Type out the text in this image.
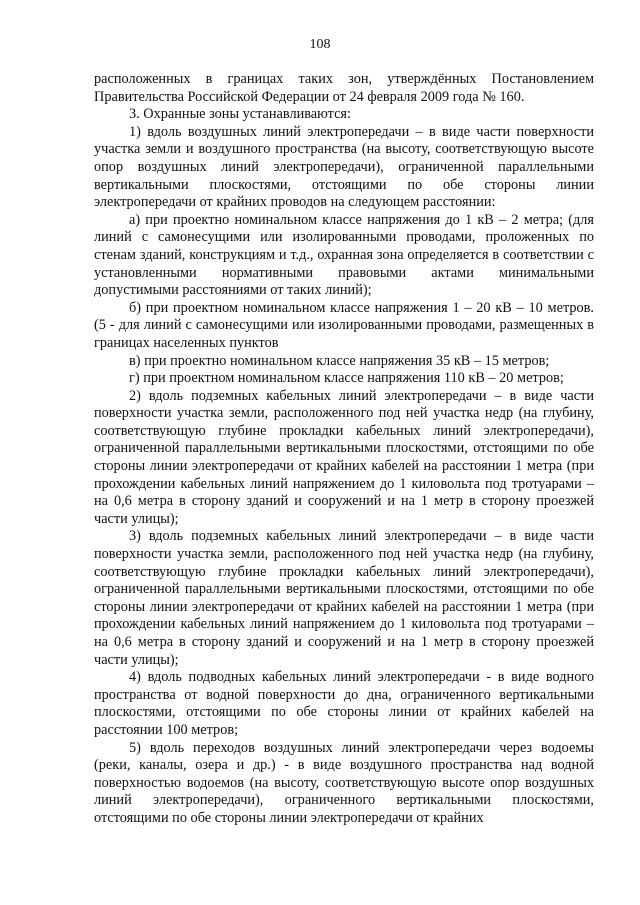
108

расположенных в границах таких зон, утверждённых Постановлением Правительства Российской Федерации от 24 февраля 2009 года № 160.

3. Охранные зоны устанавливаются:

1) вдоль воздушных линий электропередачи – в виде части поверхности участка земли и воздушного пространства (на высоту, соответствующую высоте опор воздушных линий электропередачи), ограниченной параллельными вертикальными плоскостями, отстоящими по обе стороны линии электропередачи от крайних проводов на следующем расстоянии:

а) при проектно номинальном классе напряжения до 1 кВ – 2 метра; (для линий с самонесущими или изолированными проводами, проложенных по стенам зданий, конструкциям и т.д., охранная зона определяется в соответствии с установленными нормативными правовыми актами минимальными допустимыми расстояниями от таких линий);

б) при проектном номинальном классе напряжения 1 – 20 кВ – 10 метров. (5 - для линий с самонесущими или изолированными проводами, размещенных в границах населенных пунктов

в) при проектно номинальном классе напряжения 35 кВ – 15 метров;

г) при проектном номинальном классе напряжения 110 кВ – 20 метров;

2) вдоль подземных кабельных линий электропередачи – в виде части поверхности участка земли, расположенного под ней участка недр (на глубину, соответствующую глубине прокладки кабельных линий электропередачи), ограниченной параллельными вертикальными плоскостями, отстоящими по обе стороны линии электропередачи от крайних кабелей на расстоянии 1 метра (при прохождении кабельных линий напряжением до 1 киловольта под тротуарами – на 0,6 метра в сторону зданий и сооружений и на 1 метр в сторону проезжей части улицы);

3) вдоль подземных кабельных линий электропередачи – в виде части поверхности участка земли, расположенного под ней участка недр (на глубину, соответствующую глубине прокладки кабельных линий электропередачи), ограниченной параллельными вертикальными плоскостями, отстоящими по обе стороны линии электропередачи от крайних кабелей на расстоянии 1 метра (при прохождении кабельных линий напряжением до 1 киловольта под тротуарами – на 0,6 метра в сторону зданий и сооружений и на 1 метр в сторону проезжей части улицы);

4) вдоль подводных кабельных линий электропередачи - в виде водного пространства от водной поверхности до дна, ограниченного вертикальными плоскостями, отстоящими по обе стороны линии от крайних кабелей на расстоянии 100 метров;

5) вдоль переходов воздушных линий электропередачи через водоемы (реки, каналы, озера и др.) - в виде воздушного пространства над водной поверхностью водоемов (на высоту, соответствующую высоте опор воздушных линий электропередачи), ограниченного вертикальными плоскостями, отстоящими по обе стороны линии электропередачи от крайних
